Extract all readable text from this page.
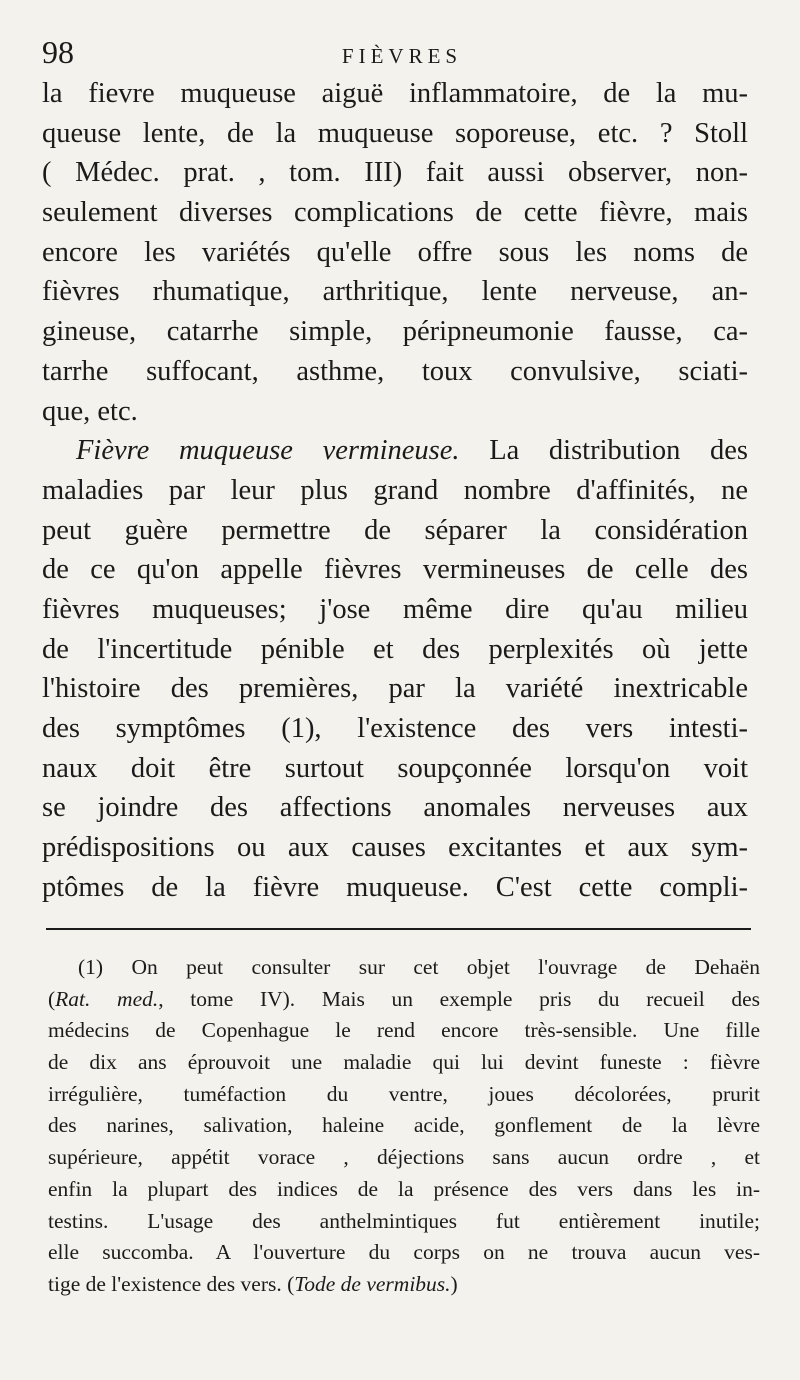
98	FIÈVRES
la fievre muqueuse aiguë inflammatoire, de la mu-
queuse lente, de la muqueuse soporeuse, etc. ? Stoll
( Médec. prat. , tom. III) fait aussi observer, non-
seulement diverses complications de cette fièvre, mais
encore les variétés qu'elle offre sous les noms de
fièvres rhumatique, arthritique, lente nerveuse, an-
gineuse, catarrhe simple, péripneumonie fausse, ca-
tarrhe suffocant, asthme, toux convulsive, sciati-
que, etc.
Fièvre muqueuse vermineuse. La distribution des
maladies par leur plus grand nombre d'affinités, ne
peut guère permettre de séparer la considération
de ce qu'on appelle fièvres vermineuses de celle des
fièvres muqueuses; j'ose même dire qu'au milieu
de l'incertitude pénible et des perplexités où jette
l'histoire des premières, par la variété inextricable
des symptômes (1), l'existence des vers intesti-
naux doit être surtout soupçonnée lorsqu'on voit
se joindre des affections anomales nerveuses aux
prédispositions ou aux causes excitantes et aux sym-
ptômes de la fièvre muqueuse. C'est cette compli-
(1) On peut consulter sur cet objet l'ouvrage de Dehaën
(Rat. med., tome IV). Mais un exemple pris du recueil des
médecins de Copenhague le rend encore très-sensible. Une fille
de dix ans éprouvoit une maladie qui lui devint funeste : fièvre
irrégulière, tuméfaction du ventre, joues décolorées, prurit
des narines, salivation, haleine acide, gonflement de la lèvre
supérieure, appétit vorace , déjections sans aucun ordre , et
enfin la plupart des indices de la présence des vers dans les in-
testins. L'usage des anthelmintiques fut entièrement inutile;
elle succomba. A l'ouverture du corps on ne trouva aucun ves-
tige de l'existence des vers. (Tode de vermibus.)
